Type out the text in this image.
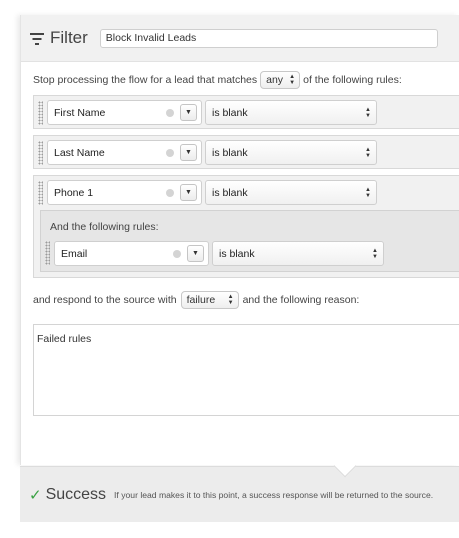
Filter
Block Invalid Leads
Stop processing the flow for a lead that matches any ▲
▼ of the following rules:
First Name	▼	is blank	▲
▼
Last Name	▼	is blank	▲
▼
Phone 1	▼	is blank	▲
▼
And the following rules:
Email	▼	is blank	▲
▼
and respond to the source with failure ▲
▼ and the following reason:
Failed rules
✓ Success If your lead makes it to this point, a success response will be returned to the source.
